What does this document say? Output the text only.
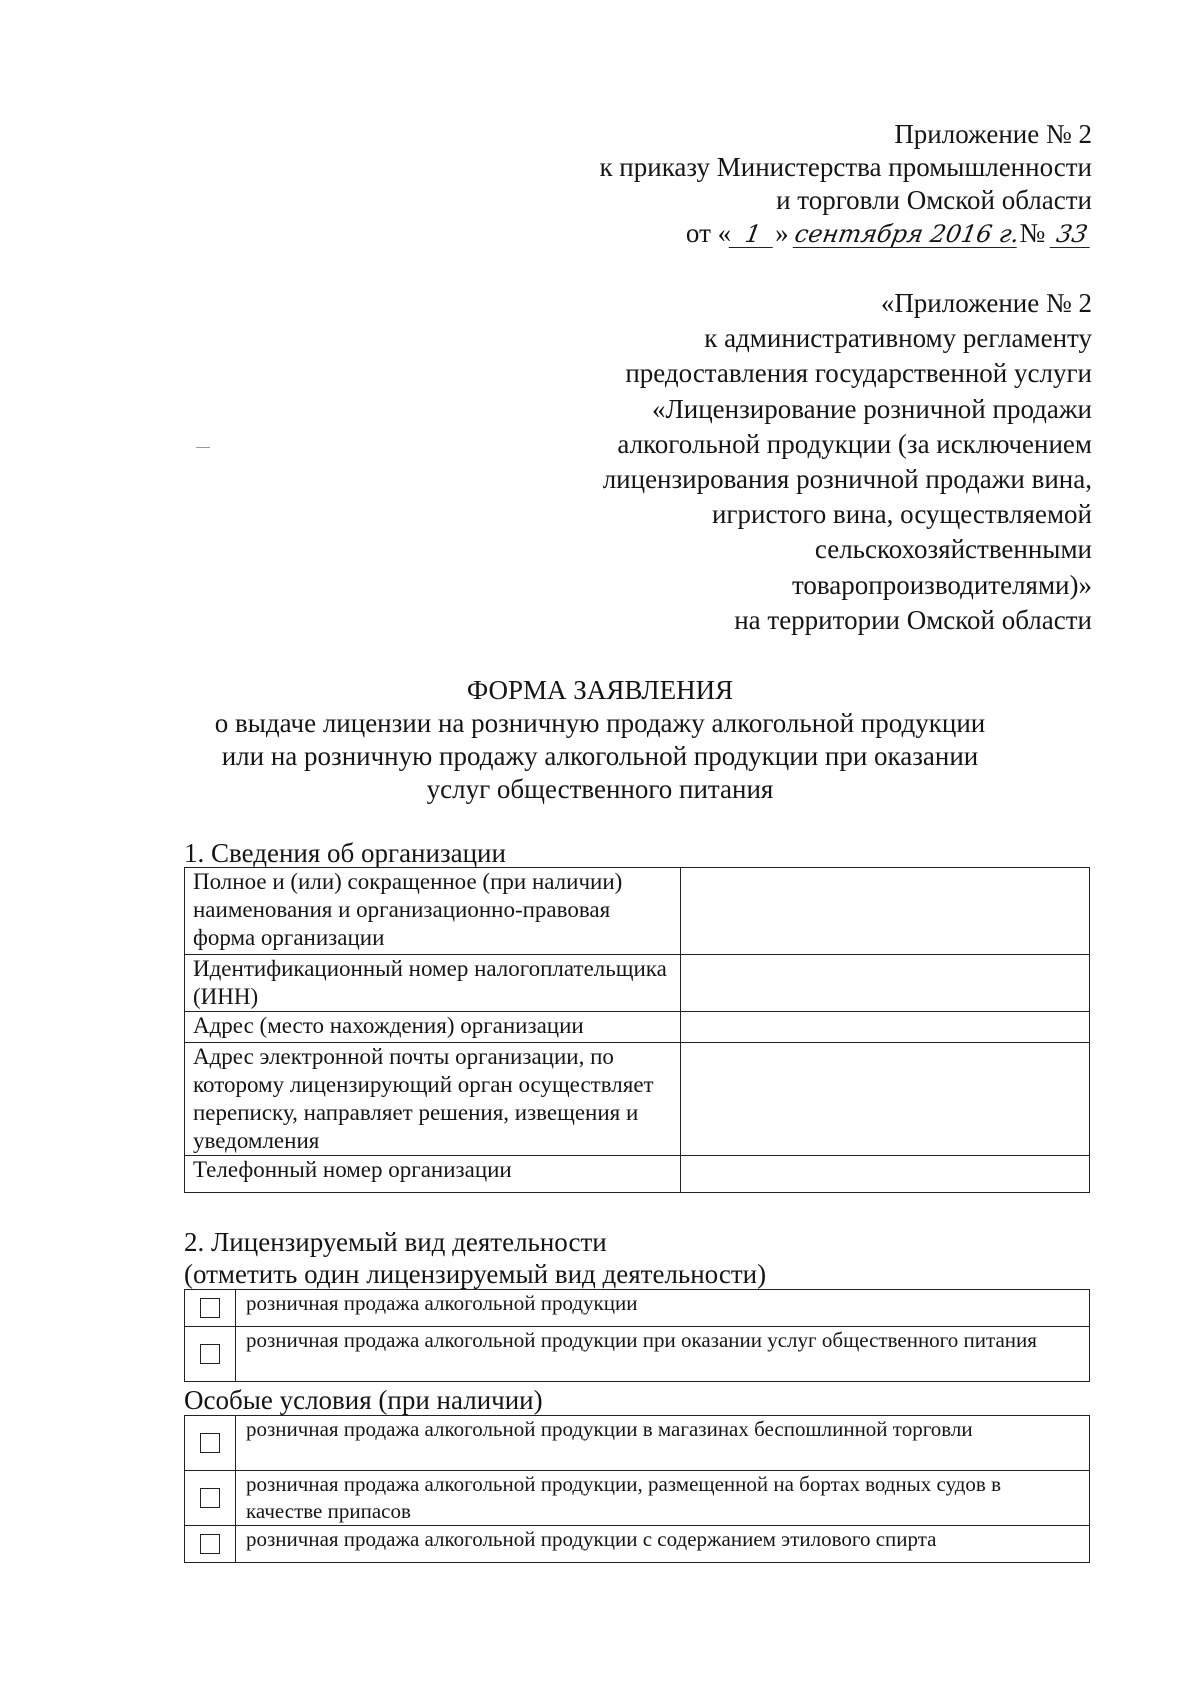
Приложение № 2
к приказу Министерства промышленности
и торговли Омской области
от « 1 » сентября 2016 г.№ 33
«Приложение № 2
к административному регламенту
предоставления государственной услуги
«Лицензирование розничной продажи
алкогольной продукции (за исключением
лицензирования розничной продажи вина,
игристого вина, осуществляемой
сельскохозяйственными
товаропроизводителями)»
на территории Омской области
ФОРМА ЗАЯВЛЕНИЯ
о выдаче лицензии на розничную продажу алкогольной продукции
или на розничную продажу алкогольной продукции при оказании
услуг общественного питания
1. Сведения об организации
Полное и (или) сокращенное (при наличии) наименования и организационно-правовая форма организации	
Идентификационный номер налогоплательщика (ИНН)	
Адрес (место нахождения) организации	
Адрес электронной почты организации, по которому лицензирующий орган осуществляет переписку, направляет решения, извещения и уведомления	
Телефонный номер организации	
2. Лицензируемый вид деятельности
(отметить один лицензируемый вид деятельности)
	розничная продажа алкогольной продукции
	розничная продажа алкогольной продукции при оказании услуг общественного питания
Особые условия (при наличии)
	розничная продажа алкогольной продукции в магазинах беспошлинной торговли
	розничная продажа алкогольной продукции, размещенной на бортах водных судов в качестве припасов
	розничная продажа алкогольной продукции с содержанием этилового спирта
